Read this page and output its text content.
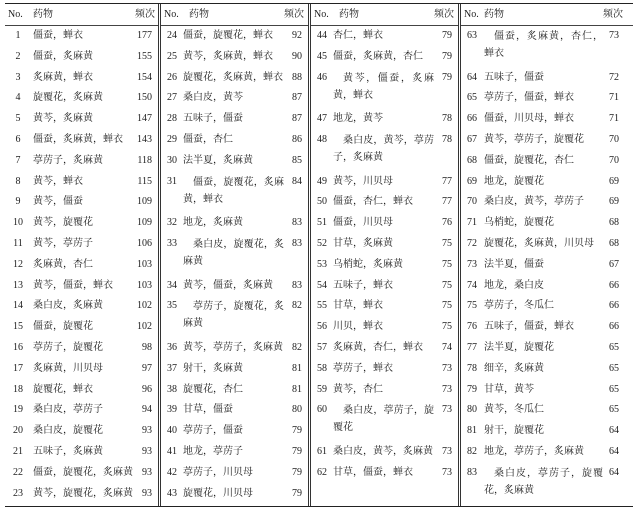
No.	药物	频次
1	僵蚕，蝉衣	177
2	僵蚕，炙麻黄	155
3	炙麻黄，蝉衣	154
4	旋覆花，炙麻黄	150
5	黄芩，炙麻黄	147
6	僵蚕，炙麻黄，蝉衣	143
7	葶苈子，炙麻黄	118
8	黄芩，蝉衣	115
9	黄芩，僵蚕	109
10	黄芩，旋覆花	109
11	黄芩，葶苈子	106
12	炙麻黄，杏仁	103
13	黄芩，僵蚕，蝉衣	103
14	桑白皮，炙麻黄	102
15	僵蚕，旋覆花	102
16	葶苈子，旋覆花	98
17	炙麻黄，川贝母	97
18	旋覆花，蝉衣	96
19	桑白皮，葶苈子	94
20	桑白皮，旋覆花	93
21	五味子，炙麻黄	93
22	僵蚕，旋覆花，炙麻黄 93
23	黄芩，旋覆花，炙麻黄 93
No.	药物	频次
24 僵蚕，旋覆花，蝉衣	92
25 黄芩，炙麻黄，蝉衣	90
26 旋覆花，炙麻黄，蝉衣 88
27 桑白皮，黄芩	87
28 五味子，僵蚕	87
29 僵蚕，杏仁	86
30 法半夏，炙麻黄	85
31	僵蚕，旋覆花，炙麻黄，蝉衣
84
32 地龙，炙麻黄	83
33	桑白皮，旋覆花，炙麻黄
83
34 黄芩，僵蚕，炙麻黄	83
35	葶苈子，旋覆花，炙麻黄
82
36 黄芩，葶苈子，炙麻黄 82
37 射干，炙麻黄	81
38 旋覆花，杏仁	81
39 甘草，僵蚕	80
40 葶苈子，僵蚕	79
41 地龙，葶苈子	79
42 葶苈子，川贝母	79
43 旋覆花，川贝母	79
No.	药物	频次
44 杏仁，蝉衣	79
45 僵蚕，炙麻黄，杏仁	79
46	黄芩，僵蚕，炙麻黄，蝉衣
79
47 地龙，黄芩	78
48	桑白皮，黄芩，葶苈子，炙麻黄
78
49 黄芩，川贝母	77
50 僵蚕，杏仁，蝉衣	77
51 僵蚕，川贝母	76
52 甘草，炙麻黄	75
53 乌梢蛇，炙麻黄	75
54 五味子，蝉衣	75
55 甘草，蝉衣	75
56 川贝，蝉衣	75
57 炙麻黄，杏仁，蝉衣	74
58 葶苈子，蝉衣	73
59 黄芩，杏仁	73
60	桑白皮，葶苈子，旋覆花
73
61 桑白皮，黄芩，炙麻黄 73
62 甘草，僵蚕，蝉衣	73
No. 药物	频次
63	僵蚕，炙麻黄，杏仁，蝉衣
73
64 五味子，僵蚕	72
65 葶苈子，僵蚕，蝉衣	71
66 僵蚕，川贝母，蝉衣	71
67 黄芩，葶苈子，旋覆花	70
68 僵蚕，旋覆花，杏仁	70
69 地龙，旋覆花	69
70 桑白皮，黄芩，葶苈子	69
71 乌梢蛇，旋覆花	68
72 旋覆花，炙麻黄，川贝母	68
73 法半夏，僵蚕	67
74 地龙，桑白皮	66
75 葶苈子，冬瓜仁	66
76 五味子，僵蚕，蝉衣	66
77 法半夏，旋覆花	65
78 细辛，炙麻黄	65
79 甘草，黄芩	65
80 黄芩，冬瓜仁	65
81 射干，旋覆花	64
82 地龙，葶苈子，炙麻黄	64
83	桑白皮，葶苈子，旋覆花，炙麻黄
64
